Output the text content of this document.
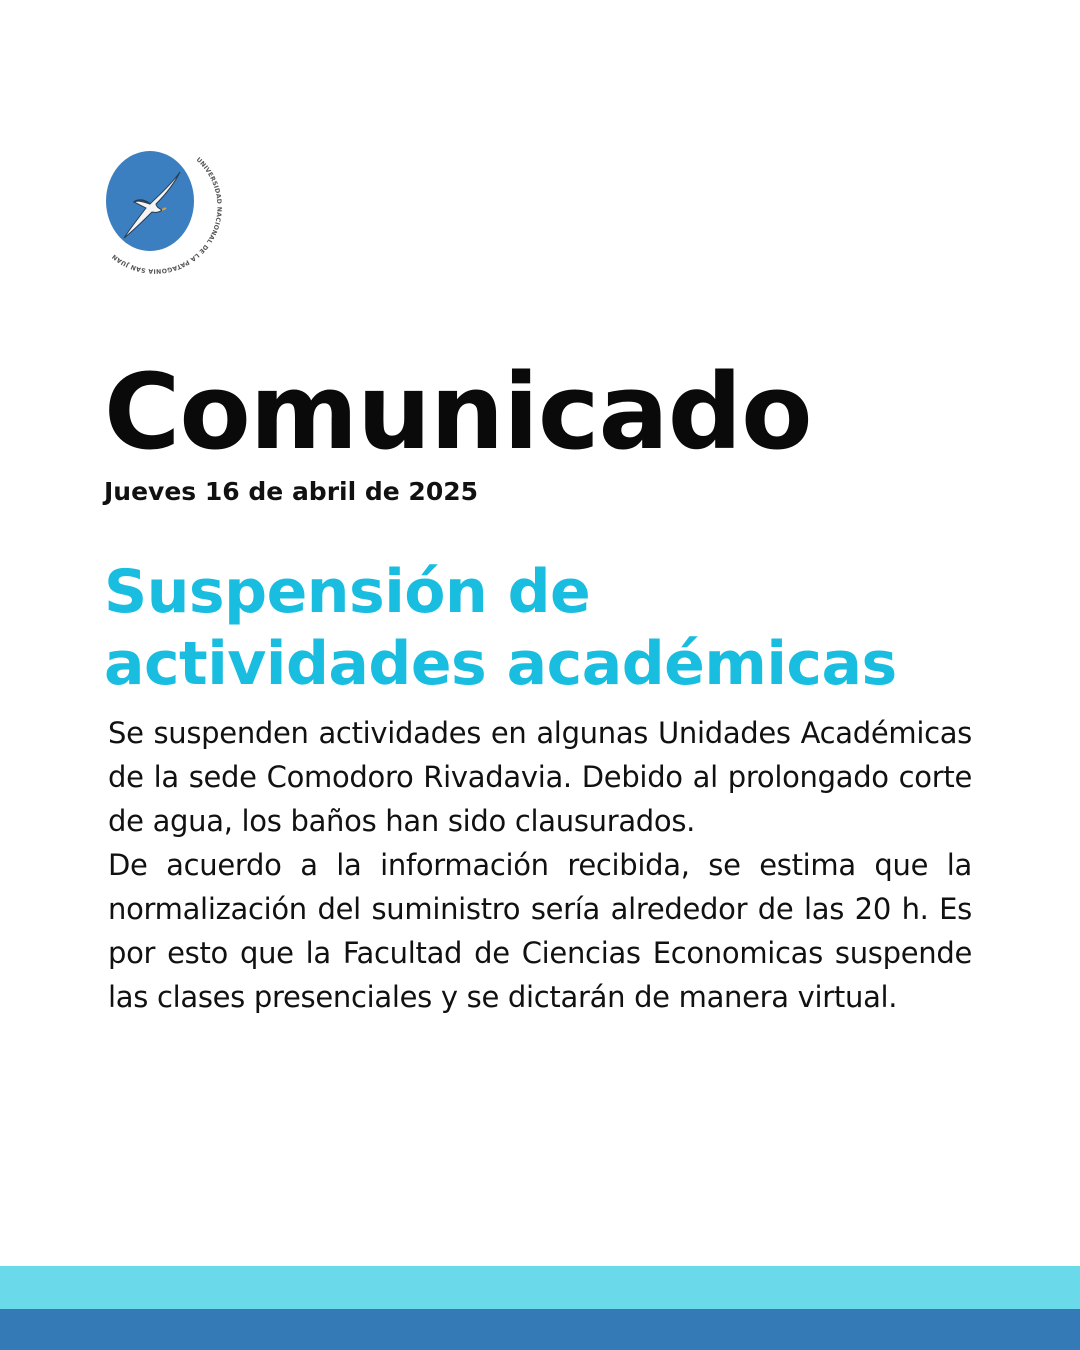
UNIVERSIDAD NACIONAL DE LA PATAGONIA SAN JUAN
Comunicado
Jueves 16 de abril de 2025
Suspensión de
actividades académicas

Se suspenden actividades en algunas Unidades Académicas de la sede Comodoro Rivadavia. Debido al prolongado corte de agua, los baños han sido clausurados.

De acuerdo a la información recibida, se estima que la normalización del suministro sería alrededor de las 20 h. Es por esto que la Facultad de Ciencias Economicas suspende las clases presenciales y se dictarán de manera virtual.
